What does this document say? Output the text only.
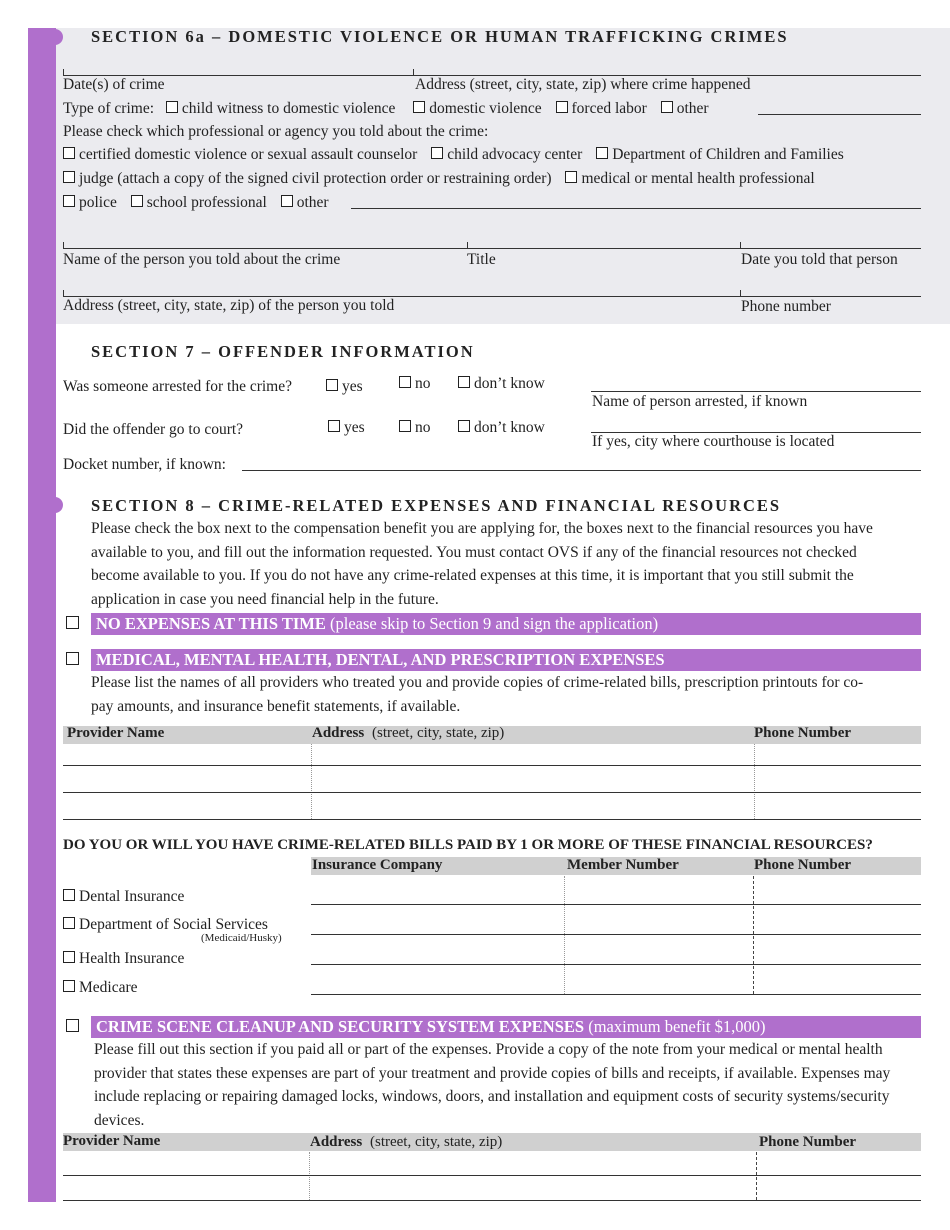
SECTION 6a – DOMESTIC VIOLENCE OR HUMAN TRAFFICKING CRIMES
Date(s) of crime	Address (street, city, state, zip) where crime happened
Type of crime: child witness to domestic violence domestic violence forced labor other
Please check which professional or agency you told about the crime:
certified domestic violence or sexual assault counselor child advocacy center Department of Children and Families
judge (attach a copy of the signed civil protection order or restraining order) medical or mental health professional
police school professional other
Name of the person you told about the crime	Title	Date you told that person
Address (street, city, state, zip) of the person you told	Phone number
SECTION 7 – OFFENDER INFORMATION
Was someone arrested for the crime?	yes	no	don’t know
Name of person arrested, if known
Did the offender go to court?	yes	no	don’t know
If yes, city where courthouse is located
Docket number, if known:
SECTION 8 – CRIME-RELATED EXPENSES AND FINANCIAL RESOURCES
Please check the box next to the compensation benefit you are applying for, the boxes next to the financial resources you have available to you, and fill out the information requested. You must contact OVS if any of the financial resources not checked become available to you. If you do not have any crime-related expenses at this time, it is important that you still submit the application in case you need financial help in the future.
NO EXPENSES AT THIS TIME (please skip to Section 9 and sign the application)
MEDICAL, MENTAL HEALTH, DENTAL, AND PRESCRIPTION EXPENSES
Please list the names of all providers who treated you and provide copies of crime-related bills, prescription printouts for co-pay amounts, and insurance benefit statements, if available.
Provider Name	Address (street, city, state, zip)	Phone Number
DO YOU OR WILL YOU HAVE CRIME-RELATED BILLS PAID BY 1 OR MORE OF THESE FINANCIAL RESOURCES?
Insurance Company	Member Number	Phone Number
Dental Insurance
Department of Social Services
(Medicaid/Husky)
Health Insurance
Medicare
CRIME SCENE CLEANUP AND SECURITY SYSTEM EXPENSES (maximum benefit $1,000)
Please fill out this section if you paid all or part of the expenses. Provide a copy of the note from your medical or mental health provider that states these expenses are part of your treatment and provide copies of bills and receipts, if available. Expenses may include replacing or repairing damaged locks, windows, doors, and installation and equipment costs of security systems/security devices.
Provider Name	Address (street, city, state, zip)	Phone Number
